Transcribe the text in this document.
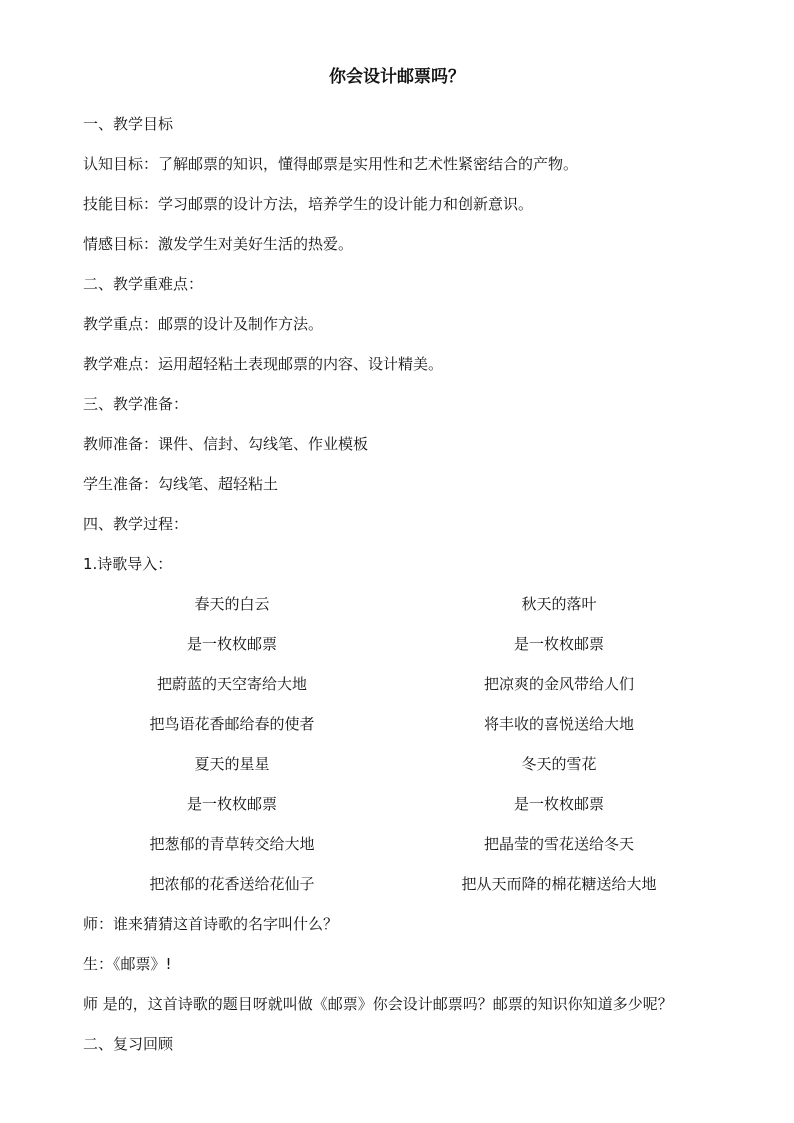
你会设计邮票吗？
一、教学目标
认知目标：了解邮票的知识，懂得邮票是实用性和艺术性紧密结合的产物。
技能目标：学习邮票的设计方法，培养学生的设计能力和创新意识。
情感目标：激发学生对美好生活的热爱。
二、教学重难点：
教学重点：邮票的设计及制作方法。
教学难点：运用超轻粘土表现邮票的内容、设计精美。
三、教学准备：
教师准备：课件、信封、勾线笔、作业模板
学生准备：勾线笔、超轻粘土
四、教学过程：
1.诗歌导入：
春天的白云	秋天的落叶
是一枚枚邮票	是一枚枚邮票
把蔚蓝的天空寄给大地	把凉爽的金风带给人们
把鸟语花香邮给春的使者	将丰收的喜悦送给大地
夏天的星星	冬天的雪花
是一枚枚邮票	是一枚枚邮票
把葱郁的青草转交给大地	把晶莹的雪花送给冬天
把浓郁的花香送给花仙子	把从天而降的棉花糖送给大地
师：谁来猜猜这首诗歌的名字叫什么？
生：《邮票》!
师 是的，这首诗歌的题目呀就叫做《邮票》你会设计邮票吗？邮票的知识你知道多少呢？
二、复习回顾
